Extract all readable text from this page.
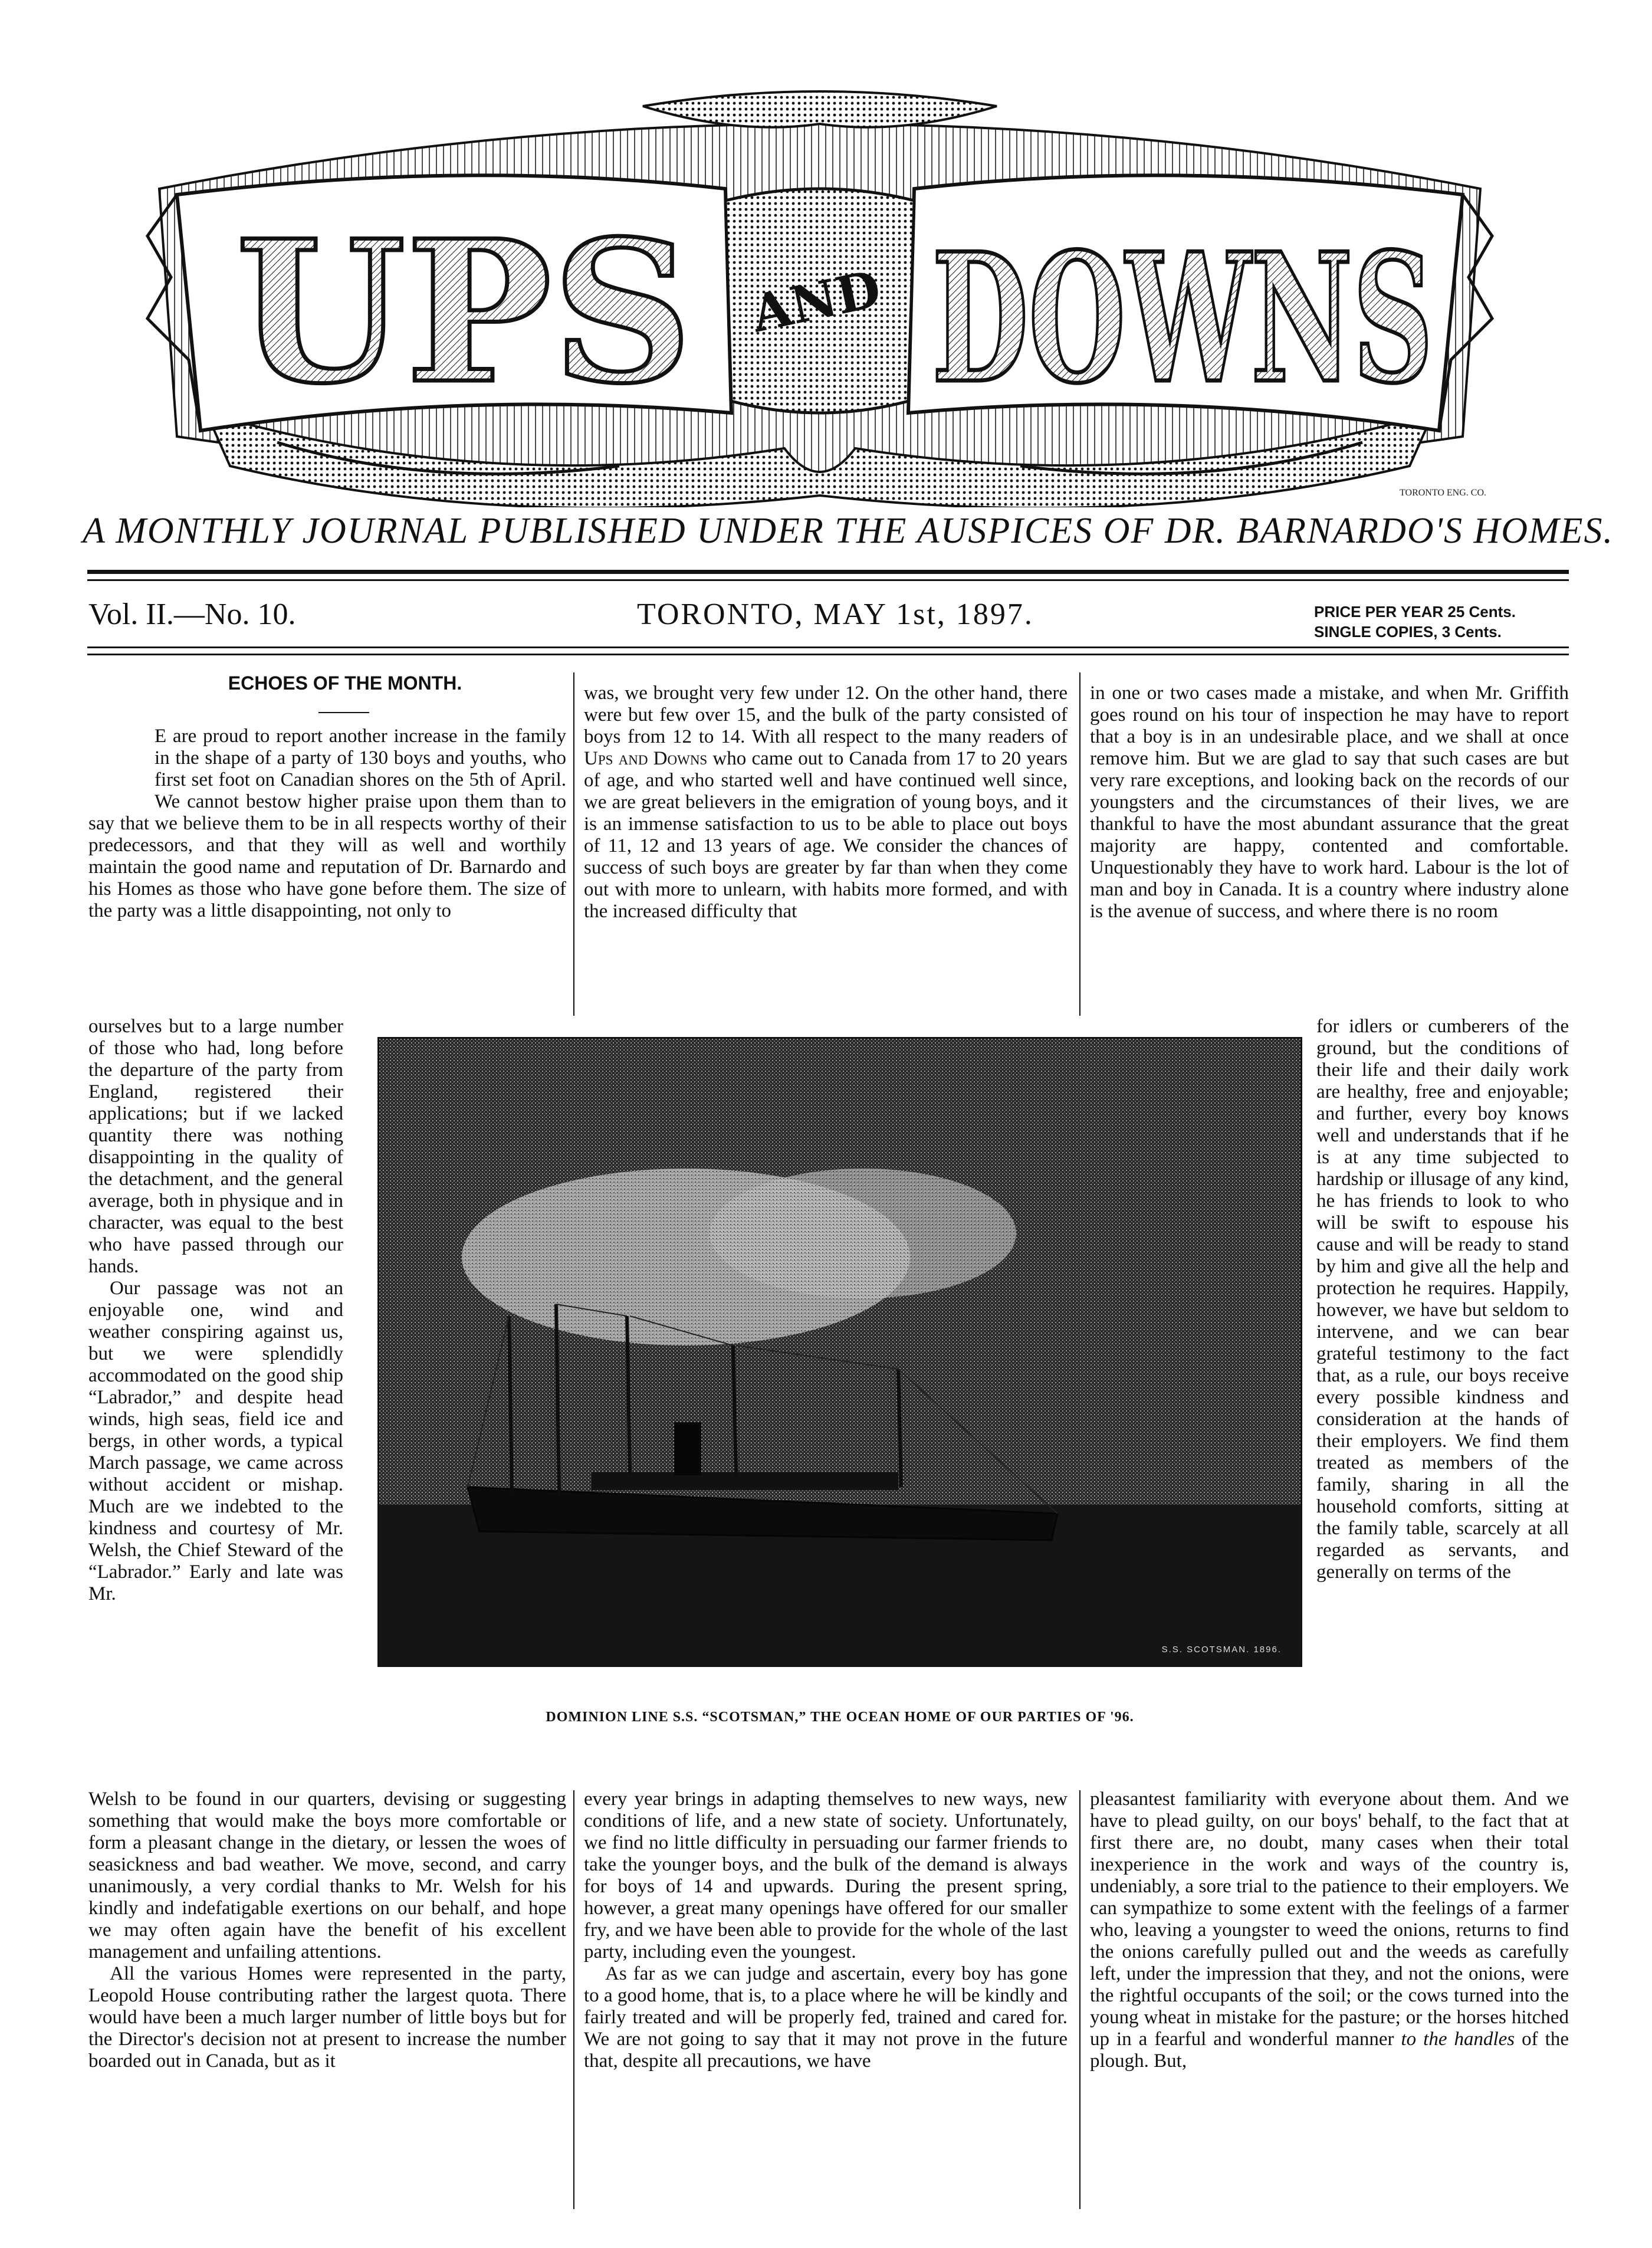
UPS AND DOWNS
TORONTO ENG. CO.
A MONTHLY JOURNAL PUBLISHED UNDER THE AUSPICES OF DR. BARNARDO'S HOMES.
Vol. II.—No. 10.	TORONTO, MAY 1st, 1897.	PRICE PER YEAR 25 Cents.
SINGLE COPIES, 3 Cents.
ECHOES OF THE MONTH.

E are proud to report another increase in the family in the shape of a party of 130 boys and youths, who first set foot on Canadian shores on the 5th of April. We cannot bestow higher praise upon them than to say that we believe them to be in all respects worthy of their predecessors, and that they will as well and worthily maintain the good name and reputation of Dr. Barnardo and his Homes as those who have gone before them. The size of the party was a little disappointing, not only to

ourselves but to a large number of those who had, long before the departure of the party from England, registered their applications; but if we lacked quantity there was nothing disappointing in the quality of the detachment, and the general average, both in physique and in character, was equal to the best who have passed through our hands.

Our passage was not an enjoyable one, wind and weather conspiring against us, but we were splendidly accommodated on the good ship “Labrador,” and despite head winds, high seas, field ice and bergs, in other words, a typical March passage, we came across without accident or mishap. Much are we indebted to the kindness and courtesy of Mr. Welsh, the Chief Steward of the “Labrador.” Early and late was Mr.

Welsh to be found in our quarters, devising or suggesting something that would make the boys more comfortable or form a pleasant change in the dietary, or lessen the woes of seasickness and bad weather. We move, second, and carry unanimously, a very cordial thanks to Mr. Welsh for his kindly and indefatigable exertions on our behalf, and hope we may often again have the benefit of his excellent management and unfailing attentions.

All the various Homes were represented in the party, Leopold House contributing rather the largest quota. There would have been a much larger number of little boys but for the Director's decision not at present to increase the number boarded out in Canada, but as it

was, we brought very few under 12. On the other hand, there were but few over 15, and the bulk of the party consisted of boys from 12 to 14. With all respect to the many readers of Ups and Downs who came out to Canada from 17 to 20 years of age, and who started well and have continued well since, we are great believers in the emigration of young boys, and it is an immense satisfaction to us to be able to place out boys of 11, 12 and 13 years of age. We consider the chances of success of such boys are greater by far than when they come out with more to unlearn, with habits more formed, and with the increased difficulty that

every year brings in adapting themselves to new ways, new conditions of life, and a new state of society. Unfortunately, we find no little difficulty in persuading our farmer friends to take the younger boys, and the bulk of the demand is always for boys of 14 and upwards. During the present spring, however, a great many openings have offered for our smaller fry, and we have been able to provide for the whole of the last party, including even the youngest.

As far as we can judge and ascertain, every boy has gone to a good home, that is, to a place where he will be kindly and fairly treated and will be properly fed, trained and cared for. We are not going to say that it may not prove in the future that, despite all precautions, we have

in one or two cases made a mistake, and when Mr. Griffith goes round on his tour of inspection he may have to report that a boy is in an undesirable place, and we shall at once remove him. But we are glad to say that such cases are but very rare exceptions, and looking back on the records of our youngsters and the circumstances of their lives, we are thankful to have the most abundant assurance that the great majority are happy, contented and comfortable. Unquestionably they have to work hard. Labour is the lot of man and boy in Canada. It is a country where industry alone is the avenue of success, and where there is no room

for idlers or cumberers of the ground, but the conditions of their life and their daily work are healthy, free and enjoyable; and further, every boy knows well and understands that if he is at any time subjected to hardship or illusage of any kind, he has friends to look to who will be swift to espouse his cause and will be ready to stand by him and give all the help and protection he requires. Happily, however, we have but seldom to intervene, and we can bear grateful testimony to the fact that, as a rule, our boys receive every possible kindness and consideration at the hands of their employers. We find them treated as members of the family, sharing in all the household comforts, sitting at the family table, scarcely at all regarded as servants, and generally on terms of the

pleasantest familiarity with everyone about them. And we have to plead guilty, on our boys' behalf, to the fact that at first there are, no doubt, many cases when their total inexperience in the work and ways of the country is, undeniably, a sore trial to the patience to their employers. We can sympathize to some extent with the feelings of a farmer who, leaving a youngster to weed the onions, returns to find the onions carefully pulled out and the weeds as carefully left, under the impression that they, and not the onions, were the rightful occupants of the soil; or the cows turned into the young wheat in mistake for the pasture; or the horses hitched up in a fearful and wonderful manner to the handles of the plough. But,

S.S. SCOTSMAN. 1896.
DOMINION LINE S.S. “SCOTSMAN,” THE OCEAN HOME OF OUR PARTIES OF '96.
